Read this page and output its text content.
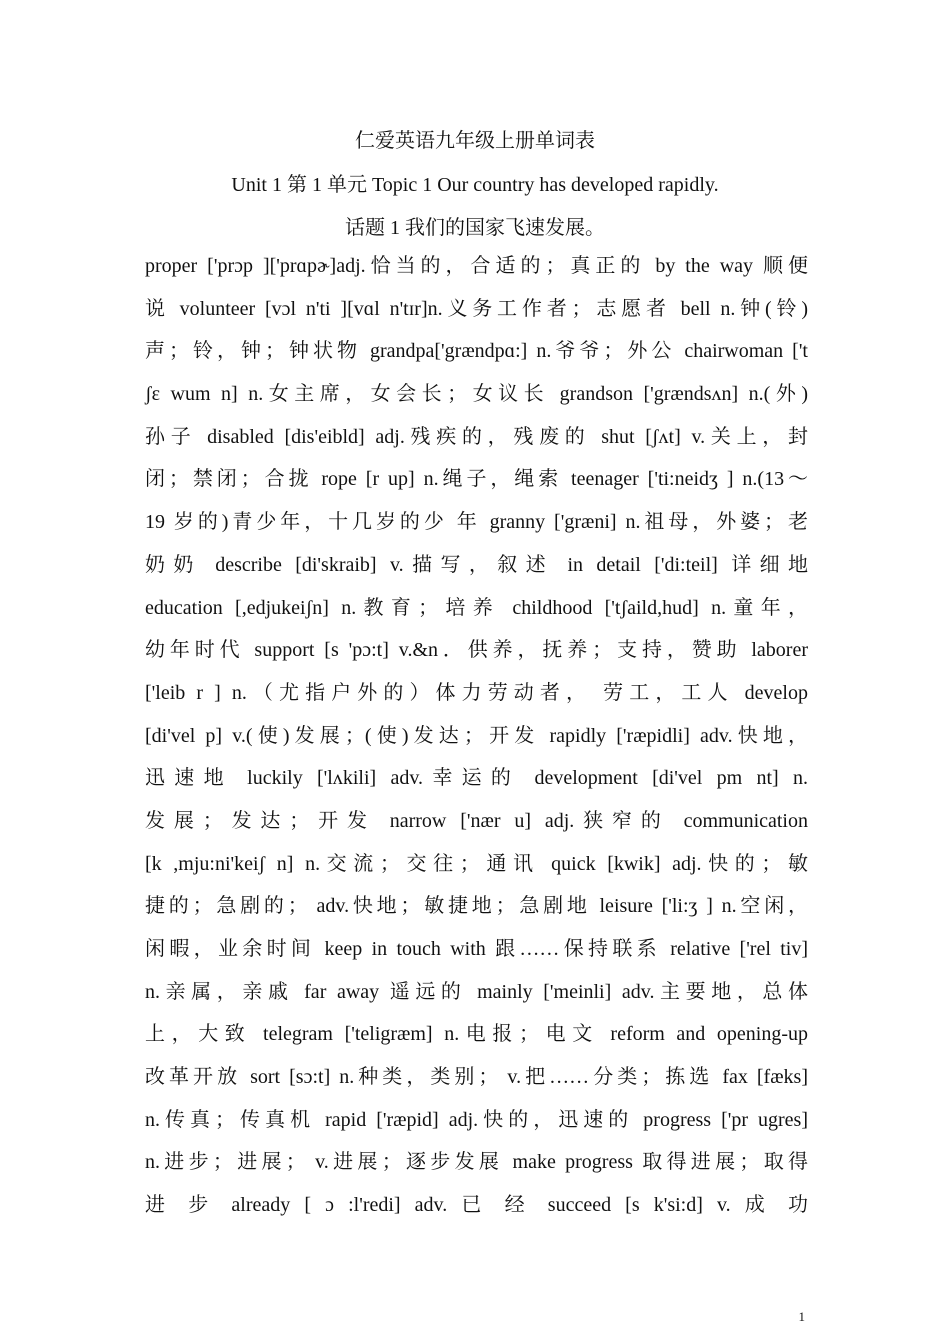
仁爱英语九年级上册单词表
Unit 1 第 1 单元 Topic 1 Our country has developed rapidly.
话题 1 我们的国家飞速发展。
proper ['prɔp ]['prɑpɚ]adj.恰当的，合适的；真正的 by the way 顺便
说 volunteer [vɔl n'ti ][vɑl n'tɪr]n.义务工作者；志愿者 bell n.钟(铃)
声；铃，钟；钟状物 grandpa['grændpɑ:] n.爷爷；外公 chairwoman ['t
ʃɛ wum n] n.女主席，女会长；女议长 grandson ['grændsʌn] n.(外)
孙子 disabled [dis'eibld] adj.残疾的，残废的 shut [ʃʌt] v.关上，封
闭；禁闭；合拢 rope [r up] n.绳子，绳索 teenager ['ti:neidʒ ] n.(13～
19 岁的)青少年，十几岁的少 年 granny ['græni] n.祖母，外婆；老
奶奶 describe [di'skraib] v.描写，叙述 in detail ['di:teil] 详细地
education [,edjukeiʃn] n.教育；培养 childhood ['tʃaild,hud] n.童年，
幼年时代 support [s 'pɔ:t] v.&n．供养，抚养；支持，赞助 laborer
['leib r ] n.（尤指户外的）体力劳动者， 劳工，工人 develop
[di'vel p] v.(使)发展；(使)发达；开发 rapidly ['ræpidli] adv.快地，
迅速地 luckily ['lʌkili] adv.幸运的 development [di'vel pm nt] n.
发展；发达；开发 narrow ['nær u] adj.狭窄的 communication
[k ,mju:ni'keiʃ n] n.交流；交往；通讯 quick [kwik] adj.快的；敏
捷的；急剧的； adv.快地；敏捷地；急剧地 leisure ['li:ʒ ] n.空闲，
闲暇，业余时间 keep in touch with 跟……保持联系 relative ['rel tiv]
n.亲属，亲戚 far away 遥远的 mainly ['meinli] adv.主要地，总体
上，大致 telegram ['teligræm] n.电报；电文 reform and opening-up
改革开放 sort [sɔ:t] n.种类，类别； v.把……分类；拣选 fax [fæks]
n.传真；传真机 rapid ['ræpid] adj.快的，迅速的 progress ['pr ugres]
n.进步；进展； v.进展；逐步发展 make progress 取得进展；取得
进 步 already [ ɔ :l'redi] adv. 已 经 succeed [s k'si:d] v. 成 功
1
